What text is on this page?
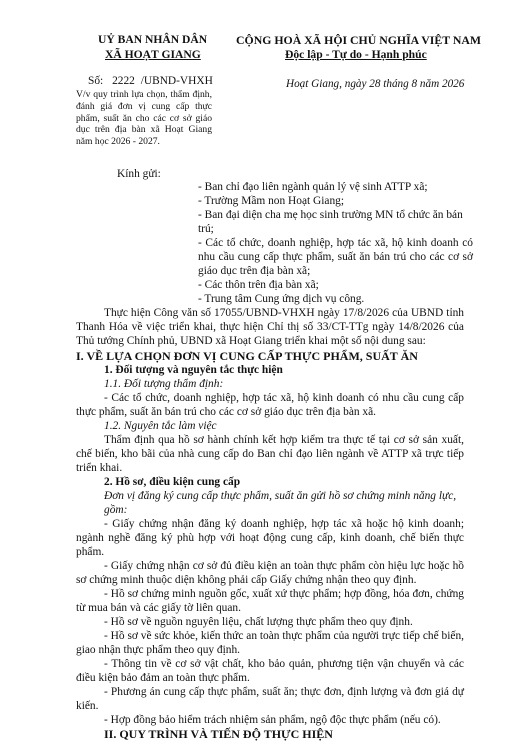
UỶ BAN NHÂN DÂN
XÃ HOẠT GIANG
CỘNG HOÀ XÃ HỘI CHỦ NGHĨA VIỆT NAM
Độc lập - Tự do - Hạnh phúc
Số: 2222 /UBND-VHXH
V/v quy trình lựa chọn, thẩm định, đánh giá đơn vị cung cấp thực phẩm, suất ăn cho các cơ sở giáo dục trên địa bàn xã Hoạt Giang năm học 2026 - 2027.
Hoạt Giang, ngày 28 tháng 8 năm 2026
Kính gửi:
- Ban chỉ đạo liên ngành quản lý vệ sinh ATTP xã;
- Trường Mầm non Hoạt Giang;
- Ban đại diện cha mẹ học sinh trường MN tổ chức ăn bán trú;
- Các tổ chức, doanh nghiệp, hợp tác xã, hộ kinh doanh có nhu cầu cung cấp thực phẩm, suất ăn bán trú cho các cơ sở giáo dục trên địa bàn xã;
- Các thôn trên địa bàn xã;
- Trung tâm Cung ứng dịch vụ công.
Thực hiện Công văn số 17055/UBND-VHXH ngày 17/8/2026 của UBND tỉnh Thanh Hóa về việc triển khai, thực hiện Chỉ thị số 33/CT-TTg ngày 14/8/2026 của Thủ tướng Chính phủ, UBND xã Hoạt Giang triển khai một số nội dung sau:
I. VỀ LỰA CHỌN ĐƠN VỊ CUNG CẤP THỰC PHẨM, SUẤT ĂN
1. Đối tượng và nguyên tắc thực hiện
1.1. Đối tượng thẩm định:
- Các tổ chức, doanh nghiệp, hợp tác xã, hộ kinh doanh có nhu cầu cung cấp thực phẩm, suất ăn bán trú cho các cơ sở giáo dục trên địa bàn xã.
1.2. Nguyên tắc làm việc
Thẩm định qua hồ sơ hành chính kết hợp kiểm tra thực tế tại cơ sở sản xuất, chế biến, kho bãi của nhà cung cấp do Ban chỉ đạo liên ngành về ATTP xã trực tiếp triển khai.
2. Hồ sơ, điều kiện cung cấp
Đơn vị đăng ký cung cấp thực phẩm, suất ăn gửi hồ sơ chứng minh năng lực, gồm:
- Giấy chứng nhận đăng ký doanh nghiệp, hợp tác xã hoặc hộ kinh doanh; ngành nghề đăng ký phù hợp với hoạt động cung cấp, kinh doanh, chế biến thực phẩm.
- Giấy chứng nhận cơ sở đủ điều kiện an toàn thực phẩm còn hiệu lực hoặc hồ sơ chứng minh thuộc diện không phải cấp Giấy chứng nhận theo quy định.
- Hồ sơ chứng minh nguồn gốc, xuất xứ thực phẩm; hợp đồng, hóa đơn, chứng từ mua bán và các giấy tờ liên quan.
- Hồ sơ về nguồn nguyên liệu, chất lượng thực phẩm theo quy định.
- Hồ sơ về sức khỏe, kiến thức an toàn thực phẩm của người trực tiếp chế biến, giao nhận thực phẩm theo quy định.
- Thông tin về cơ sở vật chất, kho bảo quản, phương tiện vận chuyển và các điều kiện bảo đảm an toàn thực phẩm.
- Phương án cung cấp thực phẩm, suất ăn; thực đơn, định lượng và đơn giá dự kiến.
- Hợp đồng bảo hiểm trách nhiệm sản phẩm, ngộ độc thực phẩm (nếu có).
II. QUY TRÌNH VÀ TIẾN ĐỘ THỰC HIỆN
